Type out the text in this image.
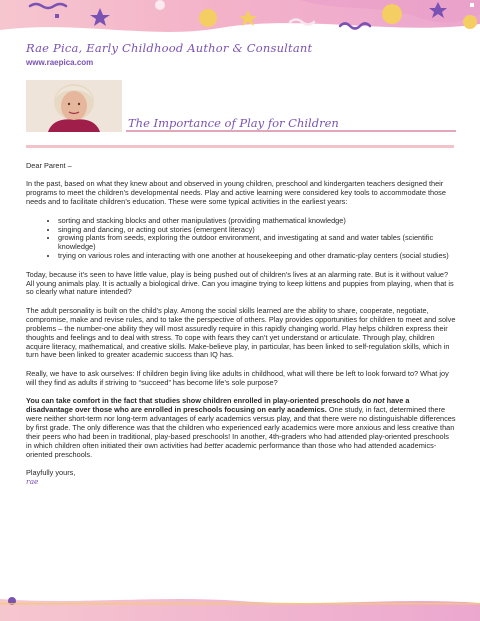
Rae Pica, Early Childhood Author & Consultant
www.raepica.com
The Importance of Play for Children

Dear Parent –

In the past, based on what they knew about and observed in young children, preschool and kindergarten teachers designed their programs to meet the children’s developmental needs. Play and active learning were considered key tools to accommodate those needs and to facilitate children’s education. These were some typical activities in the earliest years:

• sorting and stacking blocks and other manipulatives (providing mathematical knowledge)
• singing and dancing, or acting out stories (emergent literacy)
• growing plants from seeds, exploring the outdoor environment, and investigating at sand and water tables (scientific knowledge)
• trying on various roles and interacting with one another at housekeeping and other dramatic-play centers (social studies)

Today, because it’s seen to have little value, play is being pushed out of children’s lives at an alarming rate. But is it without value? All young animals play. It is actually a biological drive. Can you imagine trying to keep kittens and puppies from playing, when that is so clearly what nature intended?

The adult personality is built on the child’s play. Among the social skills learned are the ability to share, cooperate, negotiate, compromise, make and revise rules, and to take the perspective of others. Play provides opportunities for children to meet and solve problems – the number-one ability they will most assuredly require in this rapidly changing world. Play helps children express their thoughts and feelings and to deal with stress. To cope with fears they can’t yet understand or articulate. Through play, children acquire literacy, mathematical, and creative skills. Make-believe play, in particular, has been linked to self-regulation skills, which in turn have been linked to greater academic success than IQ has.

Really, we have to ask ourselves: If children begin living like adults in childhood, what will there be left to look forward to? What joy will they find as adults if striving to “succeed” has become life’s sole purpose?

You can take comfort in the fact that studies show children enrolled in play-oriented preschools do not have a disadvantage over those who are enrolled in preschools focusing on early academics. One study, in fact, determined there were neither short-term nor long-term advantages of early academics versus play, and that there were no distinguishable differences by first grade. The only difference was that the children who experienced early academics were more anxious and less creative than their peers who had been in traditional, play-based preschools! In another, 4th-graders who had attended play-oriented preschools in which children often initiated their own activities had better academic performance than those who had attended academics-oriented preschools.

Playfully yours,
rae
